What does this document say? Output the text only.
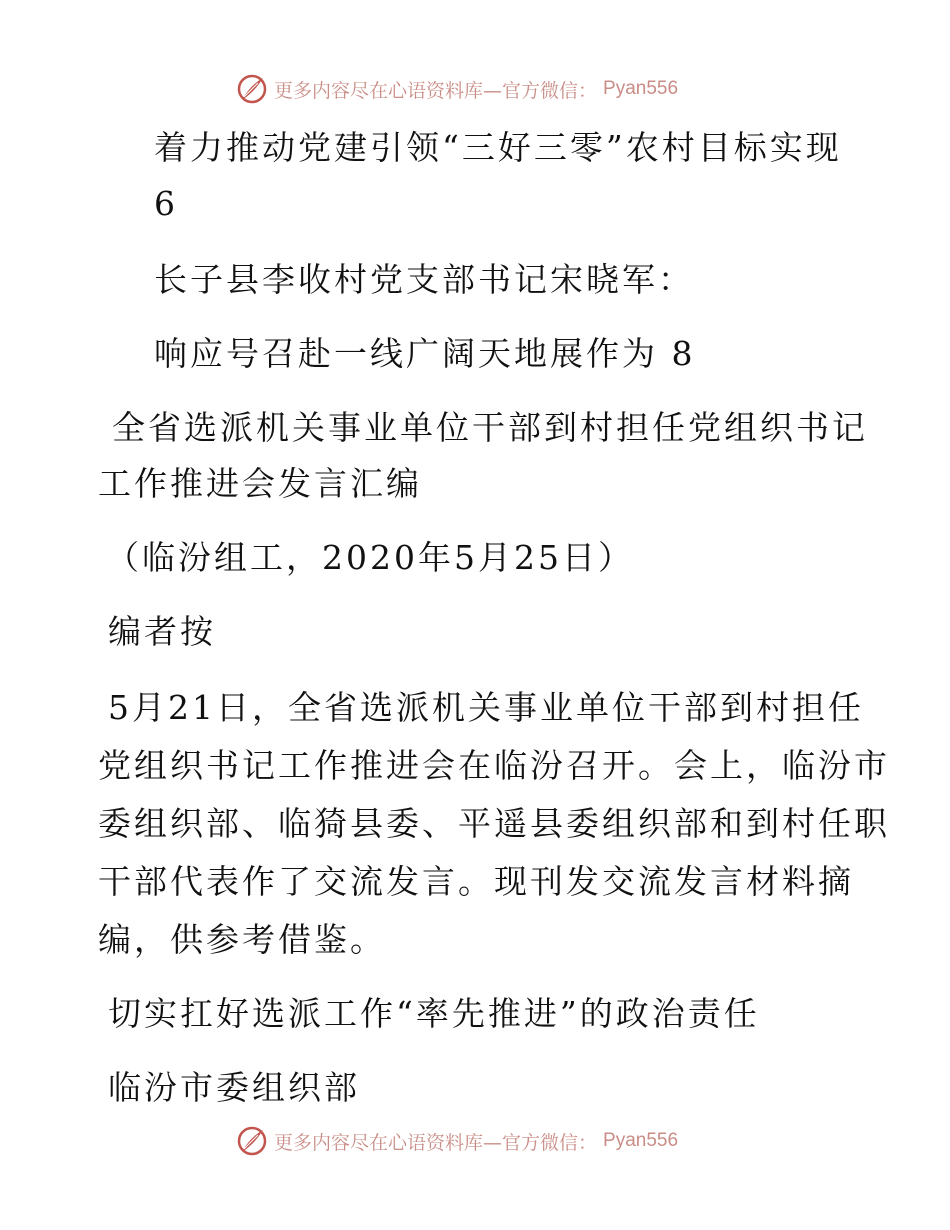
更多内容尽在心语资料库—官方微信： Pyan556

着力推动党建引领“三好三零”农村目标实现

6

长子县李收村党支部书记宋晓军：

响应号召赴一线广阔天地展作为 8

全省选派机关事业单位干部到村担任党组织书记

工作推进会发言汇编

（临汾组工，2020年5月25日）

编者按

5月21日，全省选派机关事业单位干部到村担任

党组织书记工作推进会在临汾召开。会上，临汾市

委组织部、临猗县委、平遥县委组织部和到村任职

干部代表作了交流发言。现刊发交流发言材料摘

编，供参考借鉴。

切实扛好选派工作“率先推进”的政治责任

临汾市委组织部

更多内容尽在心语资料库—官方微信： Pyan556
